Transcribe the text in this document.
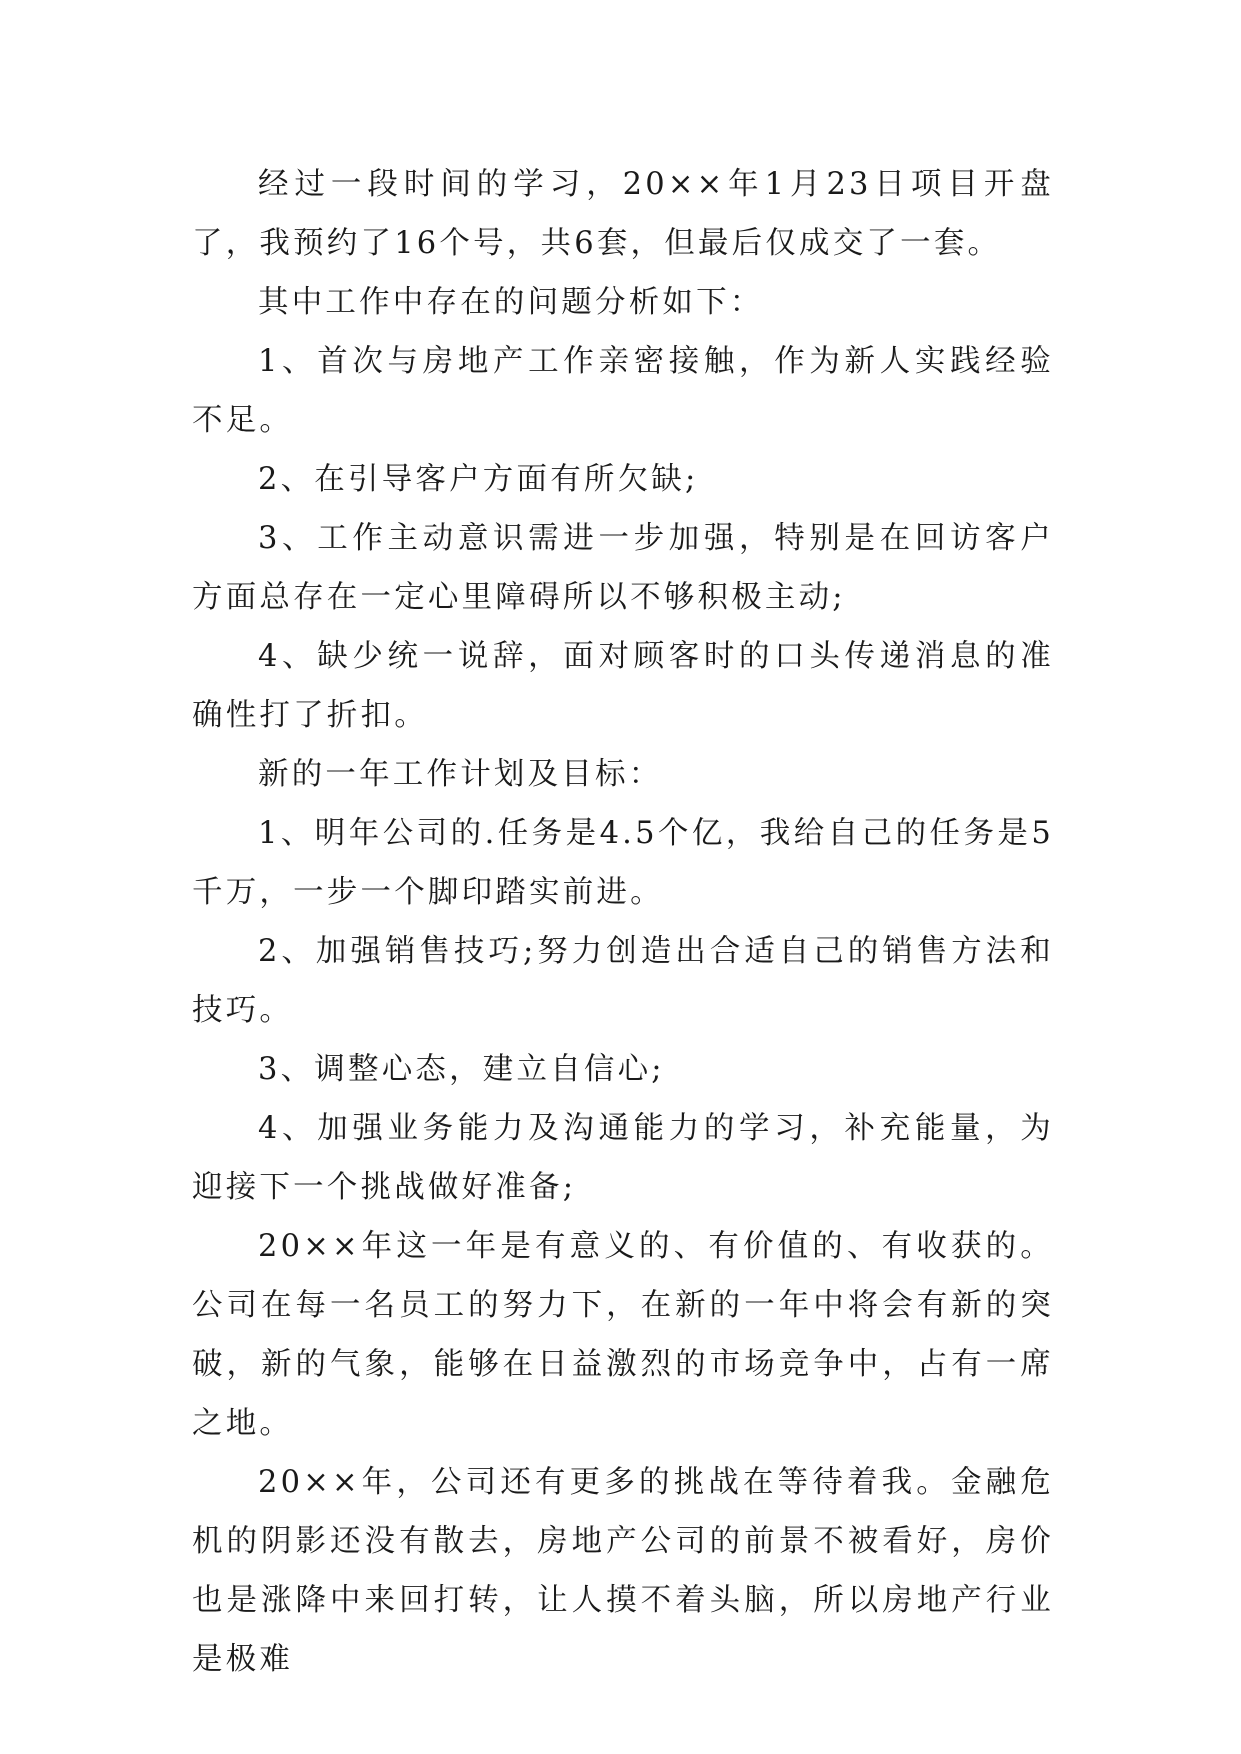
经过一段时间的学习，20××年1月23日项目开盘了，我预约了16个号，共6套，但最后仅成交了一套。

其中工作中存在的问题分析如下：

1、首次与房地产工作亲密接触，作为新人实践经验不足。

2、在引导客户方面有所欠缺;

3、工作主动意识需进一步加强，特别是在回访客户方面总存在一定心里障碍所以不够积极主动;

4、缺少统一说辞，面对顾客时的口头传递消息的准确性打了折扣。

新的一年工作计划及目标：

1、明年公司的.任务是4.5个亿，我给自己的任务是5千万，一步一个脚印踏实前进。

2、加强销售技巧;努力创造出合适自己的销售方法和技巧。

3、调整心态，建立自信心;

4、加强业务能力及沟通能力的学习，补充能量，为迎接下一个挑战做好准备;

20××年这一年是有意义的、有价值的、有收获的。公司在每一名员工的努力下，在新的一年中将会有新的突破，新的气象，能够在日益激烈的市场竞争中，占有一席之地。

20××年，公司还有更多的挑战在等待着我。金融危机的阴影还没有散去，房地产公司的前景不被看好，房价也是涨降中来回打转，让人摸不着头脑，所以房地产行业是极难
